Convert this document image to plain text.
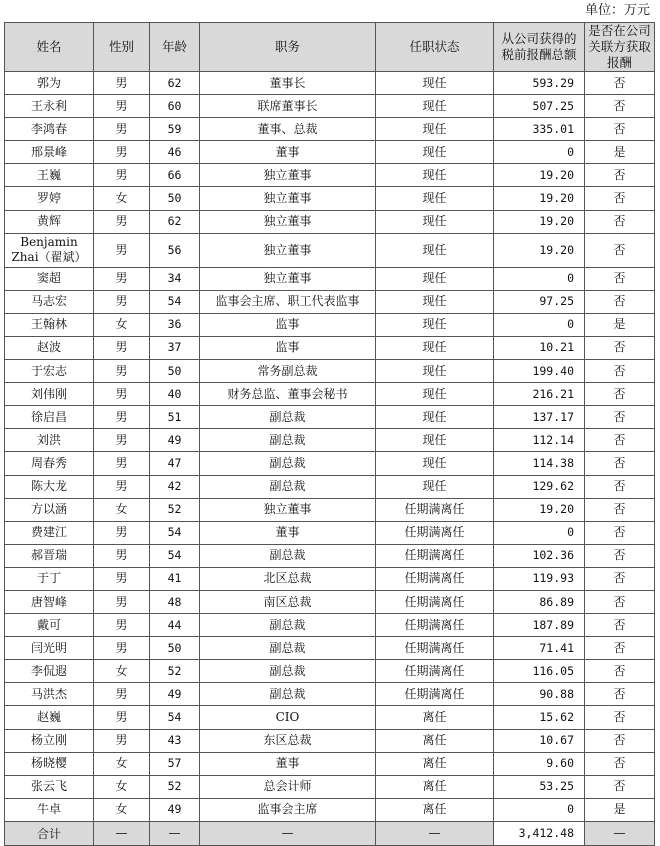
单位：万元
姓名	性别	年龄	职务	任职状态	从公司获得的税前报酬总额	是否在公司关联方获取报酬
郭为	男	62	董事长	现任	593.29	否
王永利	男	60	联席董事长	现任	507.25	否
李鸿春	男	59	董事、总裁	现任	335.01	否
邢景峰	男	46	董事	现任	0	是
王巍	男	66	独立董事	现任	19.20	否
罗婷	女	50	独立董事	现任	19.20	否
黄辉	男	62	独立董事	现任	19.20	否
Benjamin Zhai（翟斌）	男	56	独立董事	现任	19.20	否
窦超	男	34	独立董事	现任	0	否
马志宏	男	54	监事会主席、职工代表监事	现任	97.25	否
王翰林	女	36	监事	现任	0	是
赵波	男	37	监事	现任	10.21	否
于宏志	男	50	常务副总裁	现任	199.40	否
刘伟刚	男	40	财务总监、董事会秘书	现任	216.21	否
徐启昌	男	51	副总裁	现任	137.17	否
刘洪	男	49	副总裁	现任	112.14	否
周春秀	男	47	副总裁	现任	114.38	否
陈大龙	男	42	副总裁	现任	129.62	否
方以涵	女	52	独立董事	任期满离任	19.20	否
费建江	男	54	董事	任期满离任	0	否
郝晋瑞	男	54	副总裁	任期满离任	102.36	否
于丁	男	41	北区总裁	任期满离任	119.93	否
唐智峰	男	48	南区总裁	任期满离任	86.89	否
戴可	男	44	副总裁	任期满离任	187.89	否
闫光明	男	50	副总裁	任期满离任	71.41	否
李侃遐	女	52	副总裁	任期满离任	116.05	否
马洪杰	男	49	副总裁	任期满离任	90.88	否
赵巍	男	54	CIO	离任	15.62	否
杨立刚	男	43	东区总裁	离任	10.67	否
杨晓樱	女	57	董事	离任	9.60	否
张云飞	女	52	总会计师	离任	53.25	否
牛卓	女	49	监事会主席	离任	0	是
合计	—	—	—	—	3,412.48	—
